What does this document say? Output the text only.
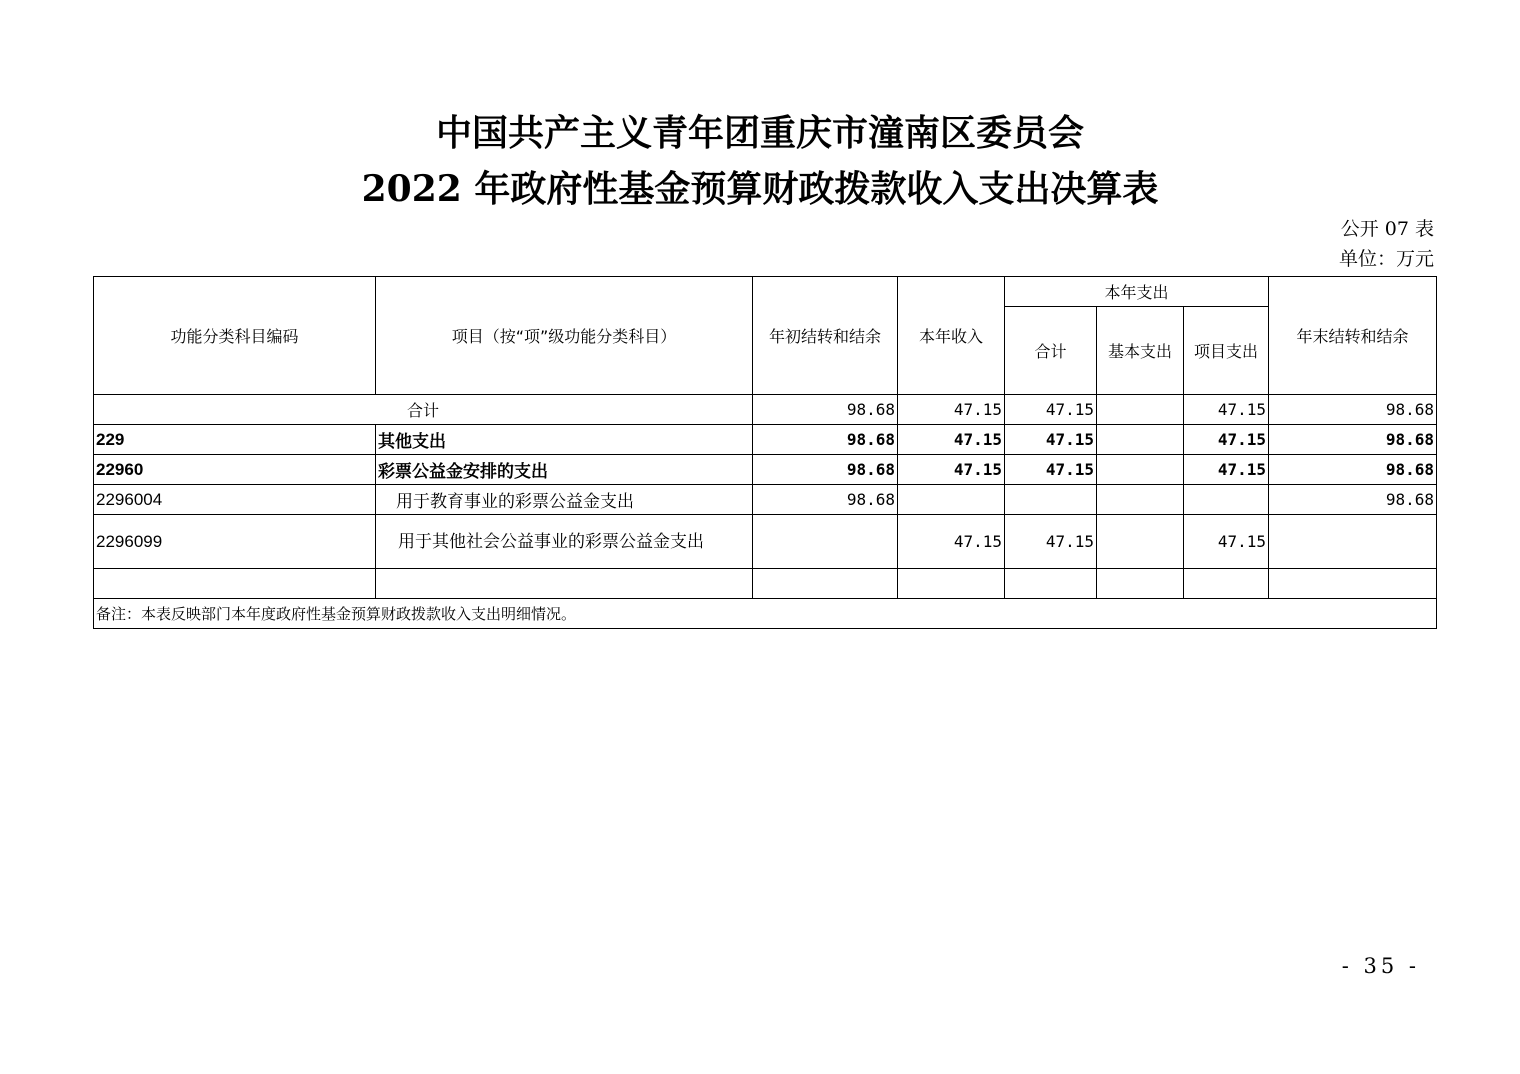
中国共产主义青年团重庆市潼南区委员会
2022 年政府性基金预算财政拨款收入支出决算表
公开 07 表
单位：万元
功能分类科目编码	项目（按“项”级功能分类科目）	年初结转和结余	本年收入	本年支出			年末结转和结余
				合计	基本支出	项目支出	
合计		98.68	47.15	47.15		47.15	98.68
229	其他支出	98.68	47.15	47.15		47.15	98.68
22960	彩票公益金安排的支出	98.68	47.15	47.15		47.15	98.68
2296004	用于教育事业的彩票公益金支出	98.68					98.68
2296099	用于其他社会公益事业的彩票公益金支出		47.15	47.15		47.15	

备注：本表反映部门本年度政府性基金预算财政拨款收入支出明细情况。							
- 35 -
